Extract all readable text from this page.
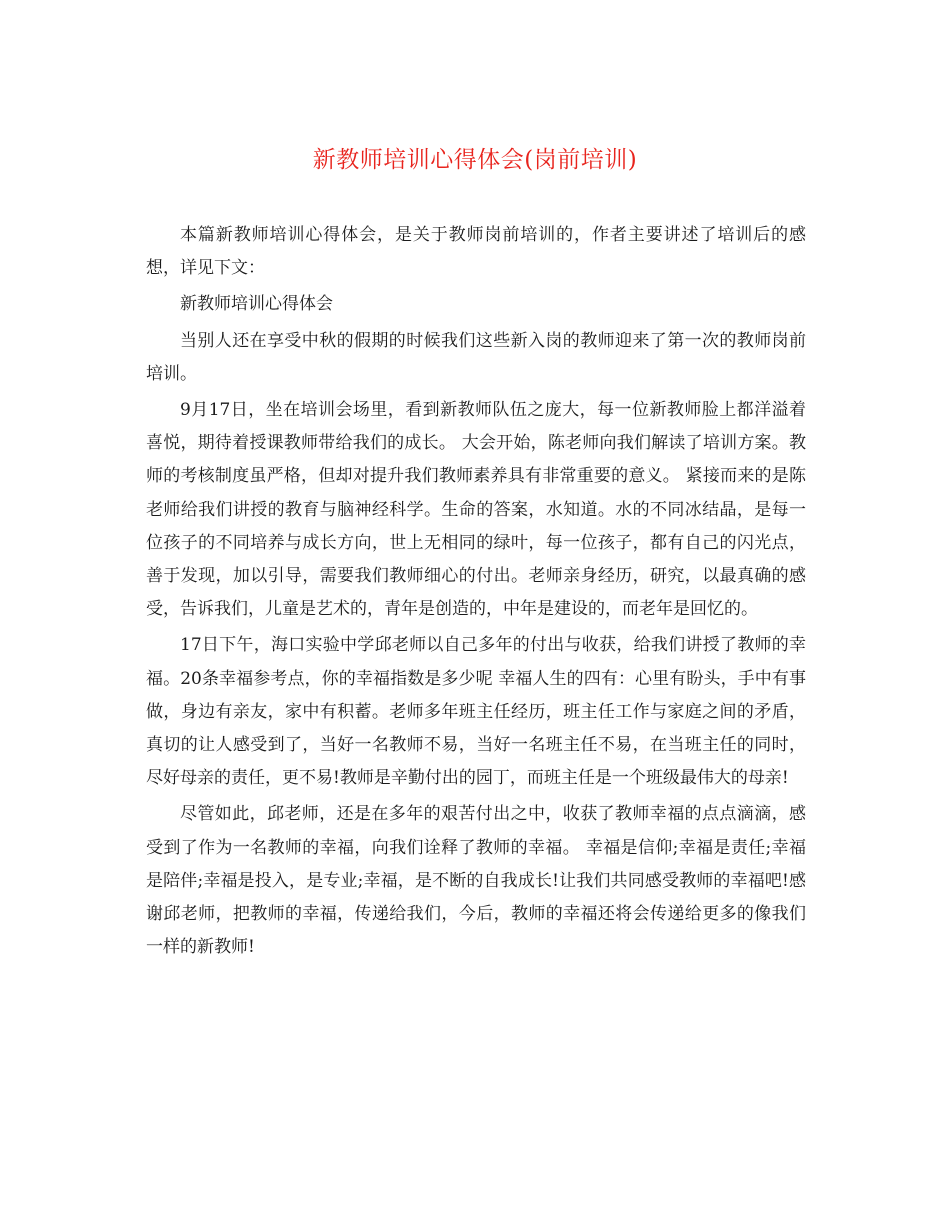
新教师培训心得体会(岗前培训)

本篇新教师培训心得体会，是关于教师岗前培训的，作者主要讲述了培训后的感想，详见下文：

新教师培训心得体会

当别人还在享受中秋的假期的时候我们这些新入岗的教师迎来了第一次的教师岗前培训。

9月17日，坐在培训会场里，看到新教师队伍之庞大，每一位新教师脸上都洋溢着喜悦，期待着授课教师带给我们的成长。 大会开始，陈老师向我们解读了培训方案。教师的考核制度虽严格，但却对提升我们教师素养具有非常重要的意义。 紧接而来的是陈老师给我们讲授的教育与脑神经科学。生命的答案，水知道。水的不同冰结晶，是每一位孩子的不同培养与成长方向，世上无相同的绿叶，每一位孩子，都有自己的闪光点，善于发现，加以引导，需要我们教师细心的付出。老师亲身经历，研究，以最真确的感受，告诉我们，儿童是艺术的，青年是创造的，中年是建设的，而老年是回忆的。

17日下午，海口实验中学邱老师以自己多年的付出与收获，给我们讲授了教师的幸福。20条幸福参考点，你的幸福指数是多少呢 幸福人生的四有：心里有盼头，手中有事做，身边有亲友，家中有积蓄。老师多年班主任经历，班主任工作与家庭之间的矛盾，真切的让人感受到了，当好一名教师不易，当好一名班主任不易，在当班主任的同时，尽好母亲的责任，更不易!教师是辛勤付出的园丁，而班主任是一个班级最伟大的母亲!

尽管如此，邱老师，还是在多年的艰苦付出之中，收获了教师幸福的点点滴滴，感受到了作为一名教师的幸福，向我们诠释了教师的幸福。 幸福是信仰;幸福是责任;幸福是陪伴;幸福是投入，是专业;幸福，是不断的自我成长!让我们共同感受教师的幸福吧!感谢邱老师，把教师的幸福，传递给我们，今后，教师的幸福还将会传递给更多的像我们一样的新教师!
